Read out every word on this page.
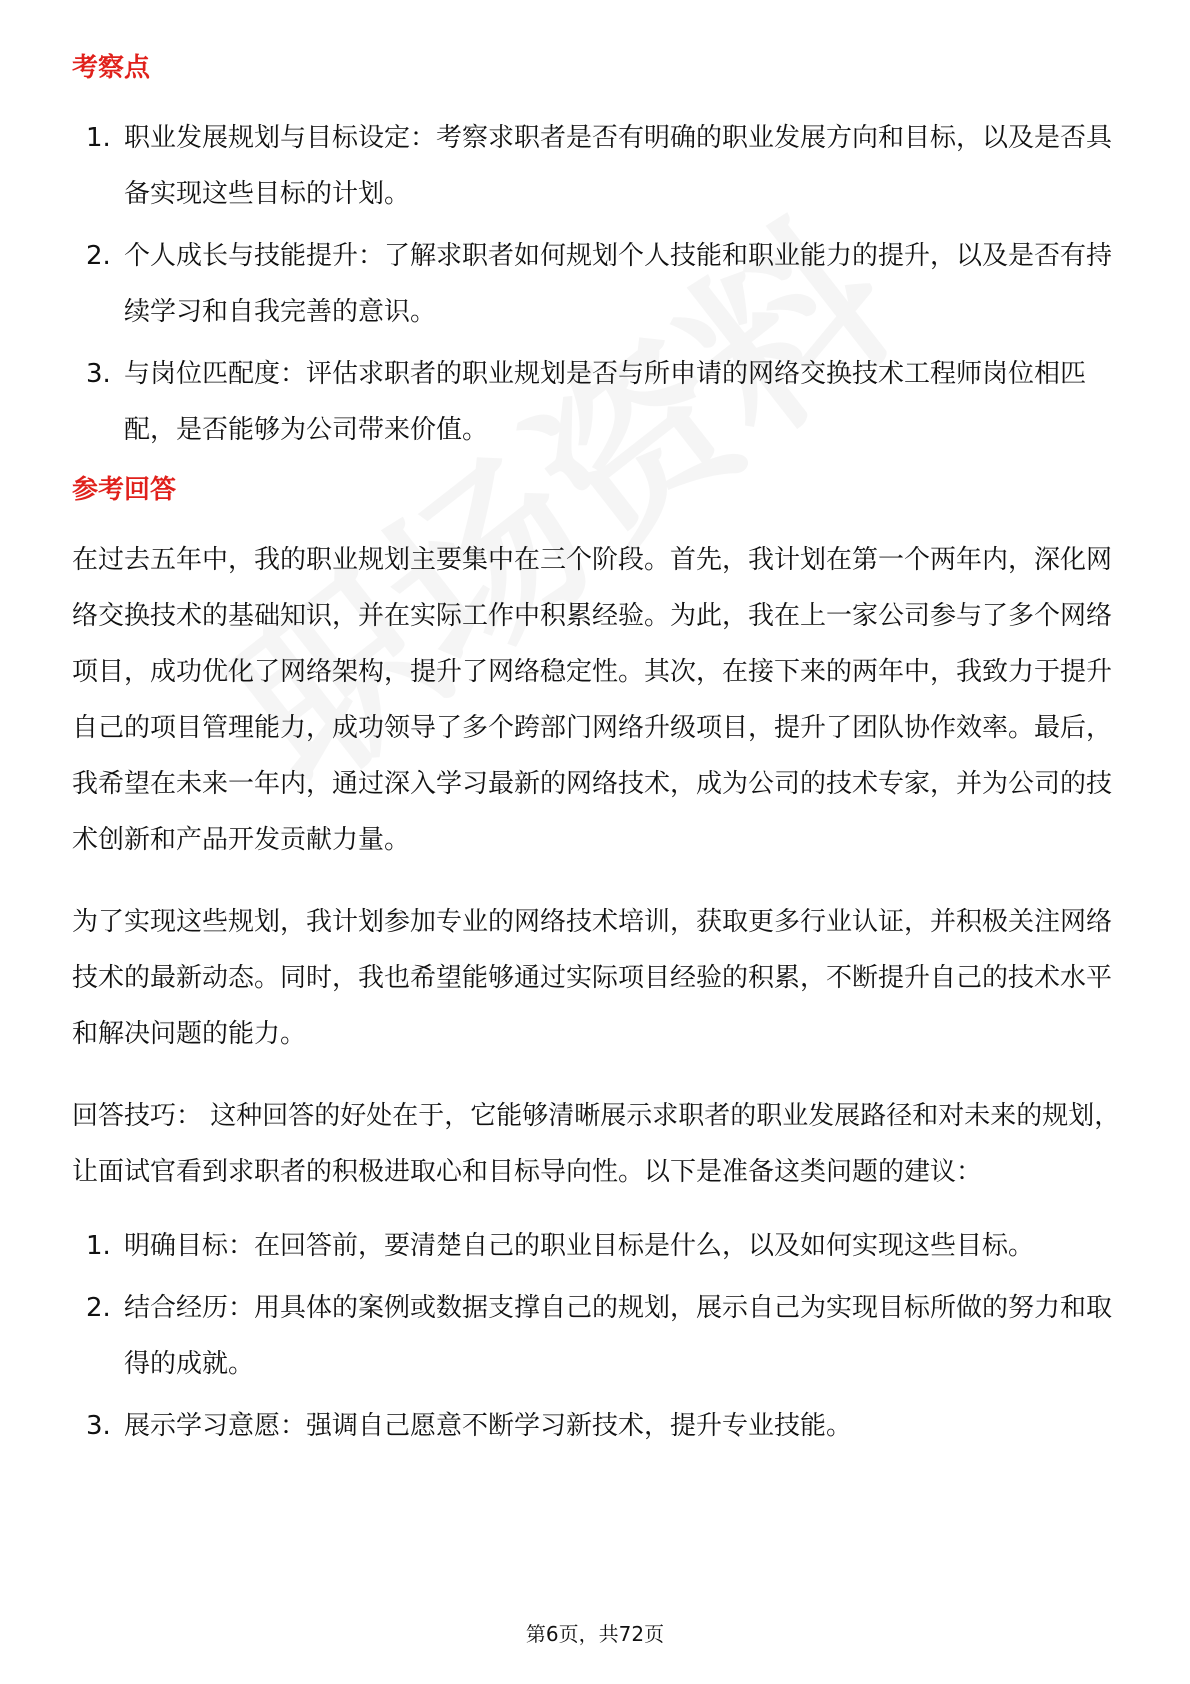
考察点
1. 职业发展规划与目标设定：考察求职者是否有明确的职业发展方向和目标，以及是否具备实现这些目标的计划。
2. 个人成长与技能提升：了解求职者如何规划个人技能和职业能力的提升，以及是否有持续学习和自我完善的意识。
3. 与岗位匹配度：评估求职者的职业规划是否与所申请的网络交换技术工程师岗位相匹配，是否能够为公司带来价值。
参考回答

在过去五年中，我的职业规划主要集中在三个阶段。首先，我计划在第一个两年内，深化网络交换技术的基础知识，并在实际工作中积累经验。为此，我在上一家公司参与了多个网络项目，成功优化了网络架构，提升了网络稳定性。其次，在接下来的两年中，我致力于提升自己的项目管理能力，成功领导了多个跨部门网络升级项目，提升了团队协作效率。最后，我希望在未来一年内，通过深入学习最新的网络技术，成为公司的技术专家，并为公司的技术创新和产品开发贡献力量。

为了实现这些规划，我计划参加专业的网络技术培训，获取更多行业认证，并积极关注网络技术的最新动态。同时，我也希望能够通过实际项目经验的积累，不断提升自己的技术水平和解决问题的能力。

回答技巧： 这种回答的好处在于，它能够清晰展示求职者的职业发展路径和对未来的规划，让面试官看到求职者的积极进取心和目标导向性。以下是准备这类问题的建议：

1. 明确目标：在回答前，要清楚自己的职业目标是什么，以及如何实现这些目标。
2. 结合经历：用具体的案例或数据支撑自己的规划，展示自己为实现目标所做的努力和取得的成就。
3. 展示学习意愿：强调自己愿意不断学习新技术，提升专业技能。
第6页，共72页
